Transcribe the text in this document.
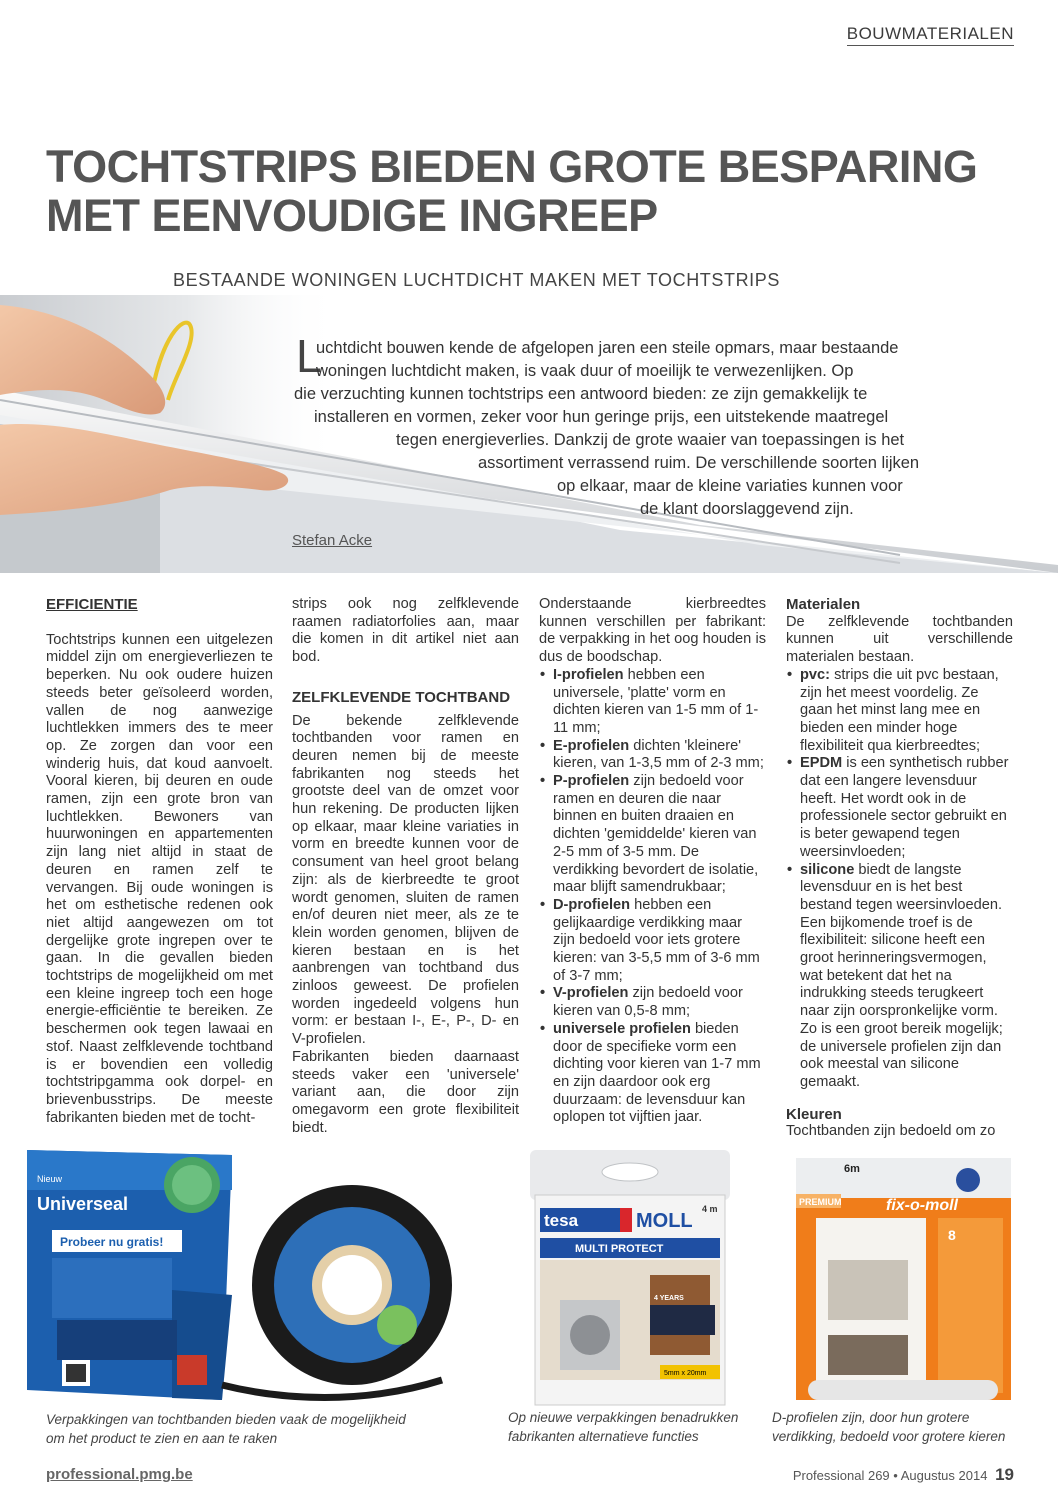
BOUWMATERIALEN
TOCHTSTRIPS BIEDEN GROTE BESPARING
MET EENVOUDIGE INGREEP
BESTAANDE WONINGEN LUCHTDICHT MAKEN MET TOCHTSTRIPS
L
uchtdicht bouwen kende de afgelopen jaren een steile opmars, maar bestaande
woningen luchtdicht maken, is vaak duur of moeilijk te verwezenlijken. Op
die verzuchting kunnen tochtstrips een antwoord bieden: ze zijn gemakkelijk te
installeren en vormen, zeker voor hun geringe prijs, een uitstekende maatregel
tegen energieverlies. Dankzij de grote waaier van toepassingen is het
assortiment verrassend ruim. De verschillende soorten lijken
op elkaar, maar de kleine variaties kunnen voor
de klant doorslaggevend zijn.
Stefan Acke
EFFICIENTIE

Tochtstrips kunnen een uitgelezen middel zijn om energieverliezen te beperken. Nu ook oudere huizen steeds beter geïsoleerd worden, vallen de nog aanwezige luchtlekken immers des te meer op. Ze zorgen dan voor een winderig huis, dat koud aanvoelt. Vooral kieren, bij deuren en oude ramen, zijn een grote bron van luchtlekken. Bewoners van huurwoningen en appartementen zijn lang niet altijd in staat de deuren en ramen zelf te vervangen. Bij oude woningen is het om esthetische redenen ook niet altijd aangewezen om tot dergelijke grote ingrepen over te gaan. In die gevallen bieden tochtstrips de mogelijkheid om met een kleine ingreep toch een hoge energie-efficiëntie te bereiken. Ze beschermen ook tegen lawaai en stof. Naast zelfklevende tochtband is er bovendien een volledig tochtstripgamma ook dorpel- en brievenbusstrips. De meeste fabrikanten bieden met de tocht-

strips ook nog zelfklevende raamen radiatorfolies aan, maar die komen in dit artikel niet aan bod.

ZELFKLEVENDE TOCHTBAND

De bekende zelfklevende tochtbanden voor ramen en deuren nemen bij de meeste fabrikanten nog steeds het grootste deel van de omzet voor hun rekening. De producten lijken op elkaar, maar kleine variaties in vorm en breedte kunnen voor de consument van heel groot belang zijn: als de kierbreedte te groot wordt genomen, sluiten de ramen en/of deuren niet meer, als ze te klein worden genomen, blijven de kieren bestaan en is het aanbrengen van tochtband dus zinloos geweest. De profielen worden ingedeeld volgens hun vorm: er bestaan I-, E-, P-, D- en V-profielen.

Fabrikanten bieden daarnaast steeds vaker een 'universele' variant aan, die door zijn omegavorm een grote flexibiliteit biedt.

Onderstaande kierbreedtes kunnen verschillen per fabrikant: de verpakking in het oog houden is dus de boodschap.

• I-profielen hebben een universele, 'platte' vorm en dichten kieren van 1-5 mm of 1-11 mm;
• E-profielen dichten 'kleinere' kieren, van 1-3,5 mm of 2-3 mm;
• P-profielen zijn bedoeld voor ramen en deuren die naar binnen en buiten draaien en dichten 'gemiddelde' kieren van 2-5 mm of 3-5 mm. De verdikking bevordert de isolatie, maar blijft samendrukbaar;
• D-profielen hebben een gelijkaardige verdikking maar zijn bedoeld voor iets grotere kieren: van 3-5,5 mm of 3-6 mm of 3-7 mm;
• V-profielen zijn bedoeld voor kieren van 0,5-8 mm;
• universele profielen bieden door de specifieke vorm een dichting voor kieren van 1-7 mm en zijn daardoor ook erg duurzaam: de levensduur kan oplopen tot vijftien jaar.
Materialen

De zelfklevende tochtbanden kunnen uit verschillende materialen bestaan.

• pvc: strips die uit pvc bestaan, zijn het meest voordelig. Ze gaan het minst lang mee en bieden een minder hoge flexibiliteit qua kierbreedtes;
• EPDM is een synthetisch rubber dat een langere levensduur heeft. Het wordt ook in de professionele sector gebruikt en is beter gewapend tegen weersinvloeden;
• silicone biedt de langste levensduur en is het best bestand tegen weersinvloeden. Een bijkomende troef is de flexibiliteit: silicone heeft een groot herinneringsvermogen, wat betekent dat het na indrukking steeds terugkeert naar zijn oorspronkelijke vorm. Zo is een groot bereik mogelijk; de universele profielen zijn dan ook meestal van silicone gemaakt.
Kleuren

Tochtbanden zijn bedoeld om zo

Universeal
Nieuw
Probeer nu gratis!
tesa	MOLL
4 m
MULTI PROTECT
4 YEARS
5mm x 20mm
6m
PREMIUM	fix-o-moll
8
Verpakkingen van tochtbanden bieden vaak de mogelijkheid
om het product te zien en aan te raken
Op nieuwe verpakkingen benadrukken
fabrikanten alternatieve functies
D-profielen zijn, door hun grotere
verdikking, bedoeld voor grotere kieren
professional.pmg.be	Professional 269 • Augustus 2014 19
